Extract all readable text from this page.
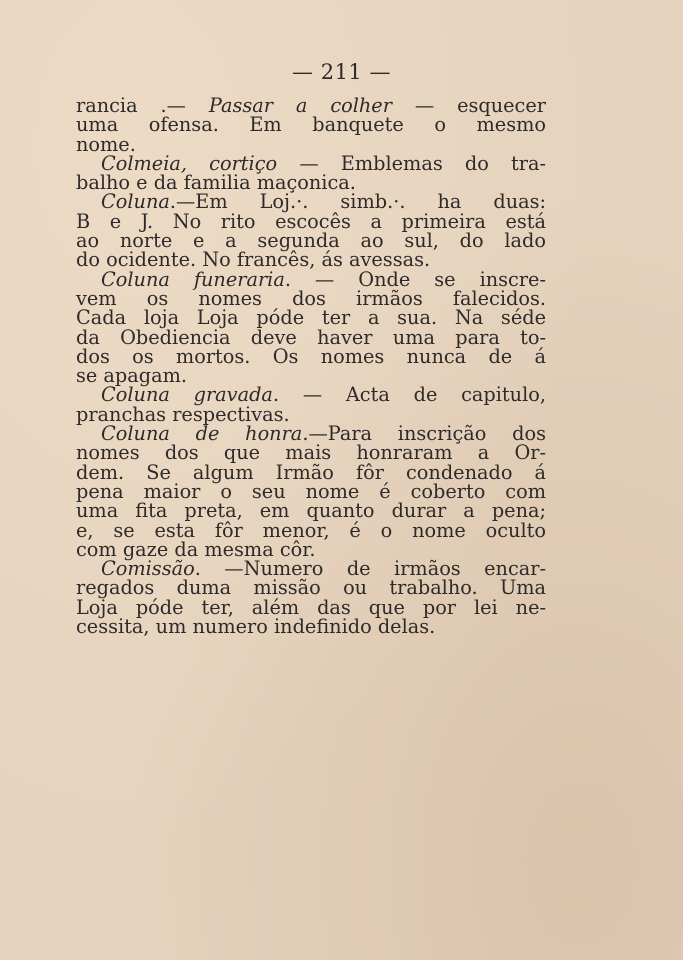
— 211 —
rancia .— Passar a colher — esquecer
uma ofensa. Em banquete o mesmo
nome.
Colmeia, cortiço — Emblemas do tra-
balho e da familia maçonica.
Coluna.—Em Loj.·. simb.·. ha duas:
B e J. No rito escocês a primeira está
ao norte e a segunda ao sul, do lado
do ocidente. No francês, ás avessas.
Coluna funeraria. — Onde se inscre-
vem os nomes dos irmãos falecidos.
Cada loja Loja póde ter a sua. Na séde
da Obediencia deve haver uma para to-
dos os mortos. Os nomes nunca de á
se apagam.
Coluna gravada. — Acta de capitulo,
pranchas respectivas.
Coluna de honra.—Para inscrição dos
nomes dos que mais honraram a Or-
dem. Se algum Irmão fôr condenado á
pena maior o seu nome é coberto com
uma fita preta, em quanto durar a pena;
e, se esta fôr menor, é o nome oculto
com gaze da mesma côr.
Comissão. —Numero de irmãos encar-
regados duma missão ou trabalho. Uma
Loja póde ter, além das que por lei ne-
cessita, um numero indefinido delas.
